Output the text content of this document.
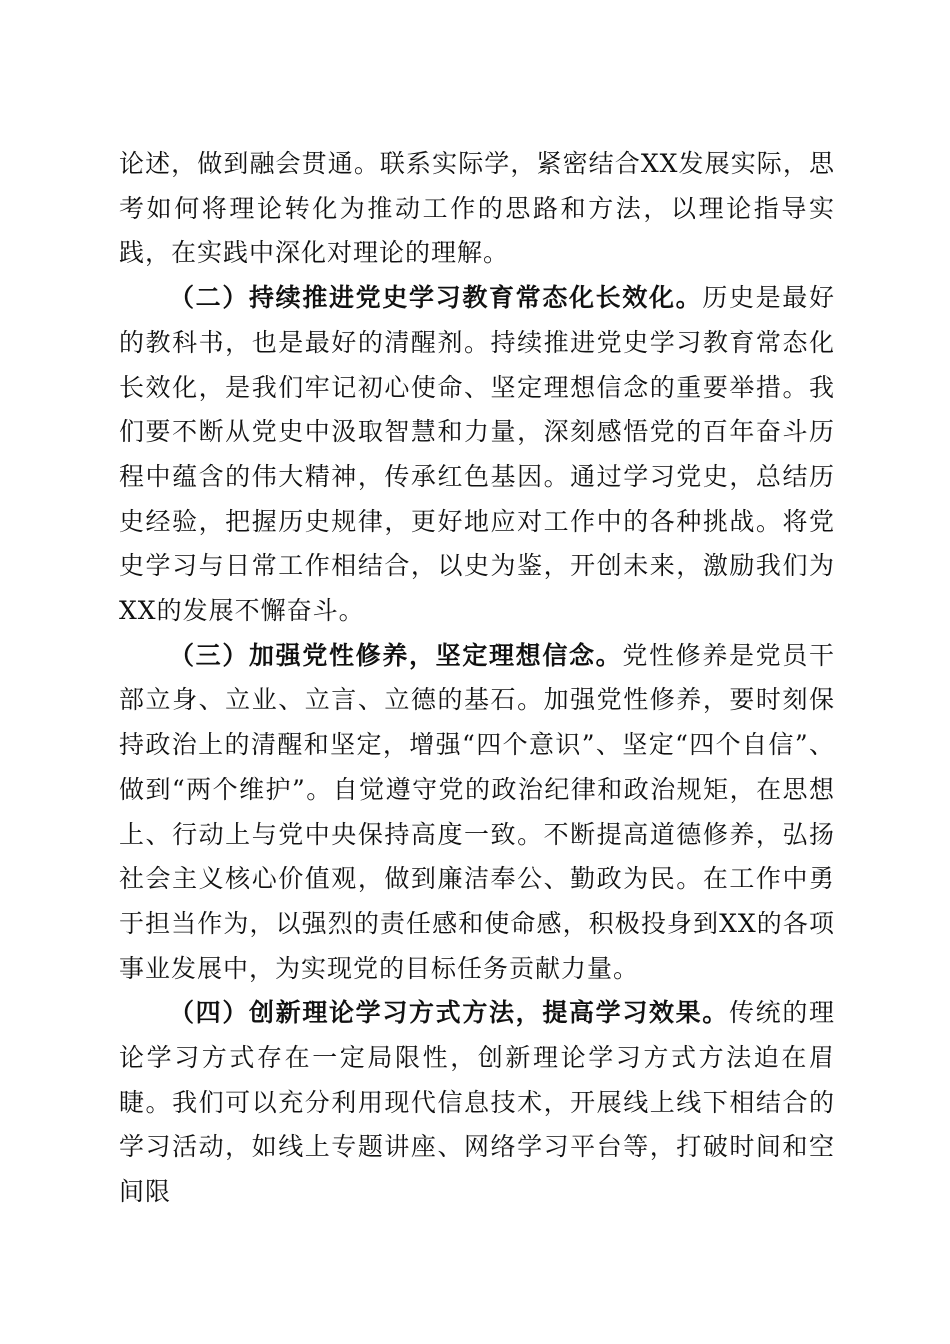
论述，做到融会贯通。联系实际学，紧密结合XX发展实际，思考如何将理论转化为推动工作的思路和方法，以理论指导实践，在实践中深化对理论的理解。

（二）持续推进党史学习教育常态化长效化。历史是最好的教科书，也是最好的清醒剂。持续推进党史学习教育常态化长效化，是我们牢记初心使命、坚定理想信念的重要举措。我们要不断从党史中汲取智慧和力量，深刻感悟党的百年奋斗历程中蕴含的伟大精神，传承红色基因。通过学习党史，总结历史经验，把握历史规律，更好地应对工作中的各种挑战。将党史学习与日常工作相结合，以史为鉴，开创未来，激励我们为XX的发展不懈奋斗。

（三）加强党性修养，坚定理想信念。党性修养是党员干部立身、立业、立言、立德的基石。加强党性修养，要时刻保持政治上的清醒和坚定，增强“四个意识”、坚定“四个自信”、做到“两个维护”。自觉遵守党的政治纪律和政治规矩，在思想上、行动上与党中央保持高度一致。不断提高道德修养，弘扬社会主义核心价值观，做到廉洁奉公、勤政为民。在工作中勇于担当作为，以强烈的责任感和使命感，积极投身到XX的各项事业发展中，为实现党的目标任务贡献力量。

（四）创新理论学习方式方法，提高学习效果。传统的理论学习方式存在一定局限性，创新理论学习方式方法迫在眉睫。我们可以充分利用现代信息技术，开展线上线下相结合的学习活动，如线上专题讲座、网络学习平台等，打破时间和空间限
